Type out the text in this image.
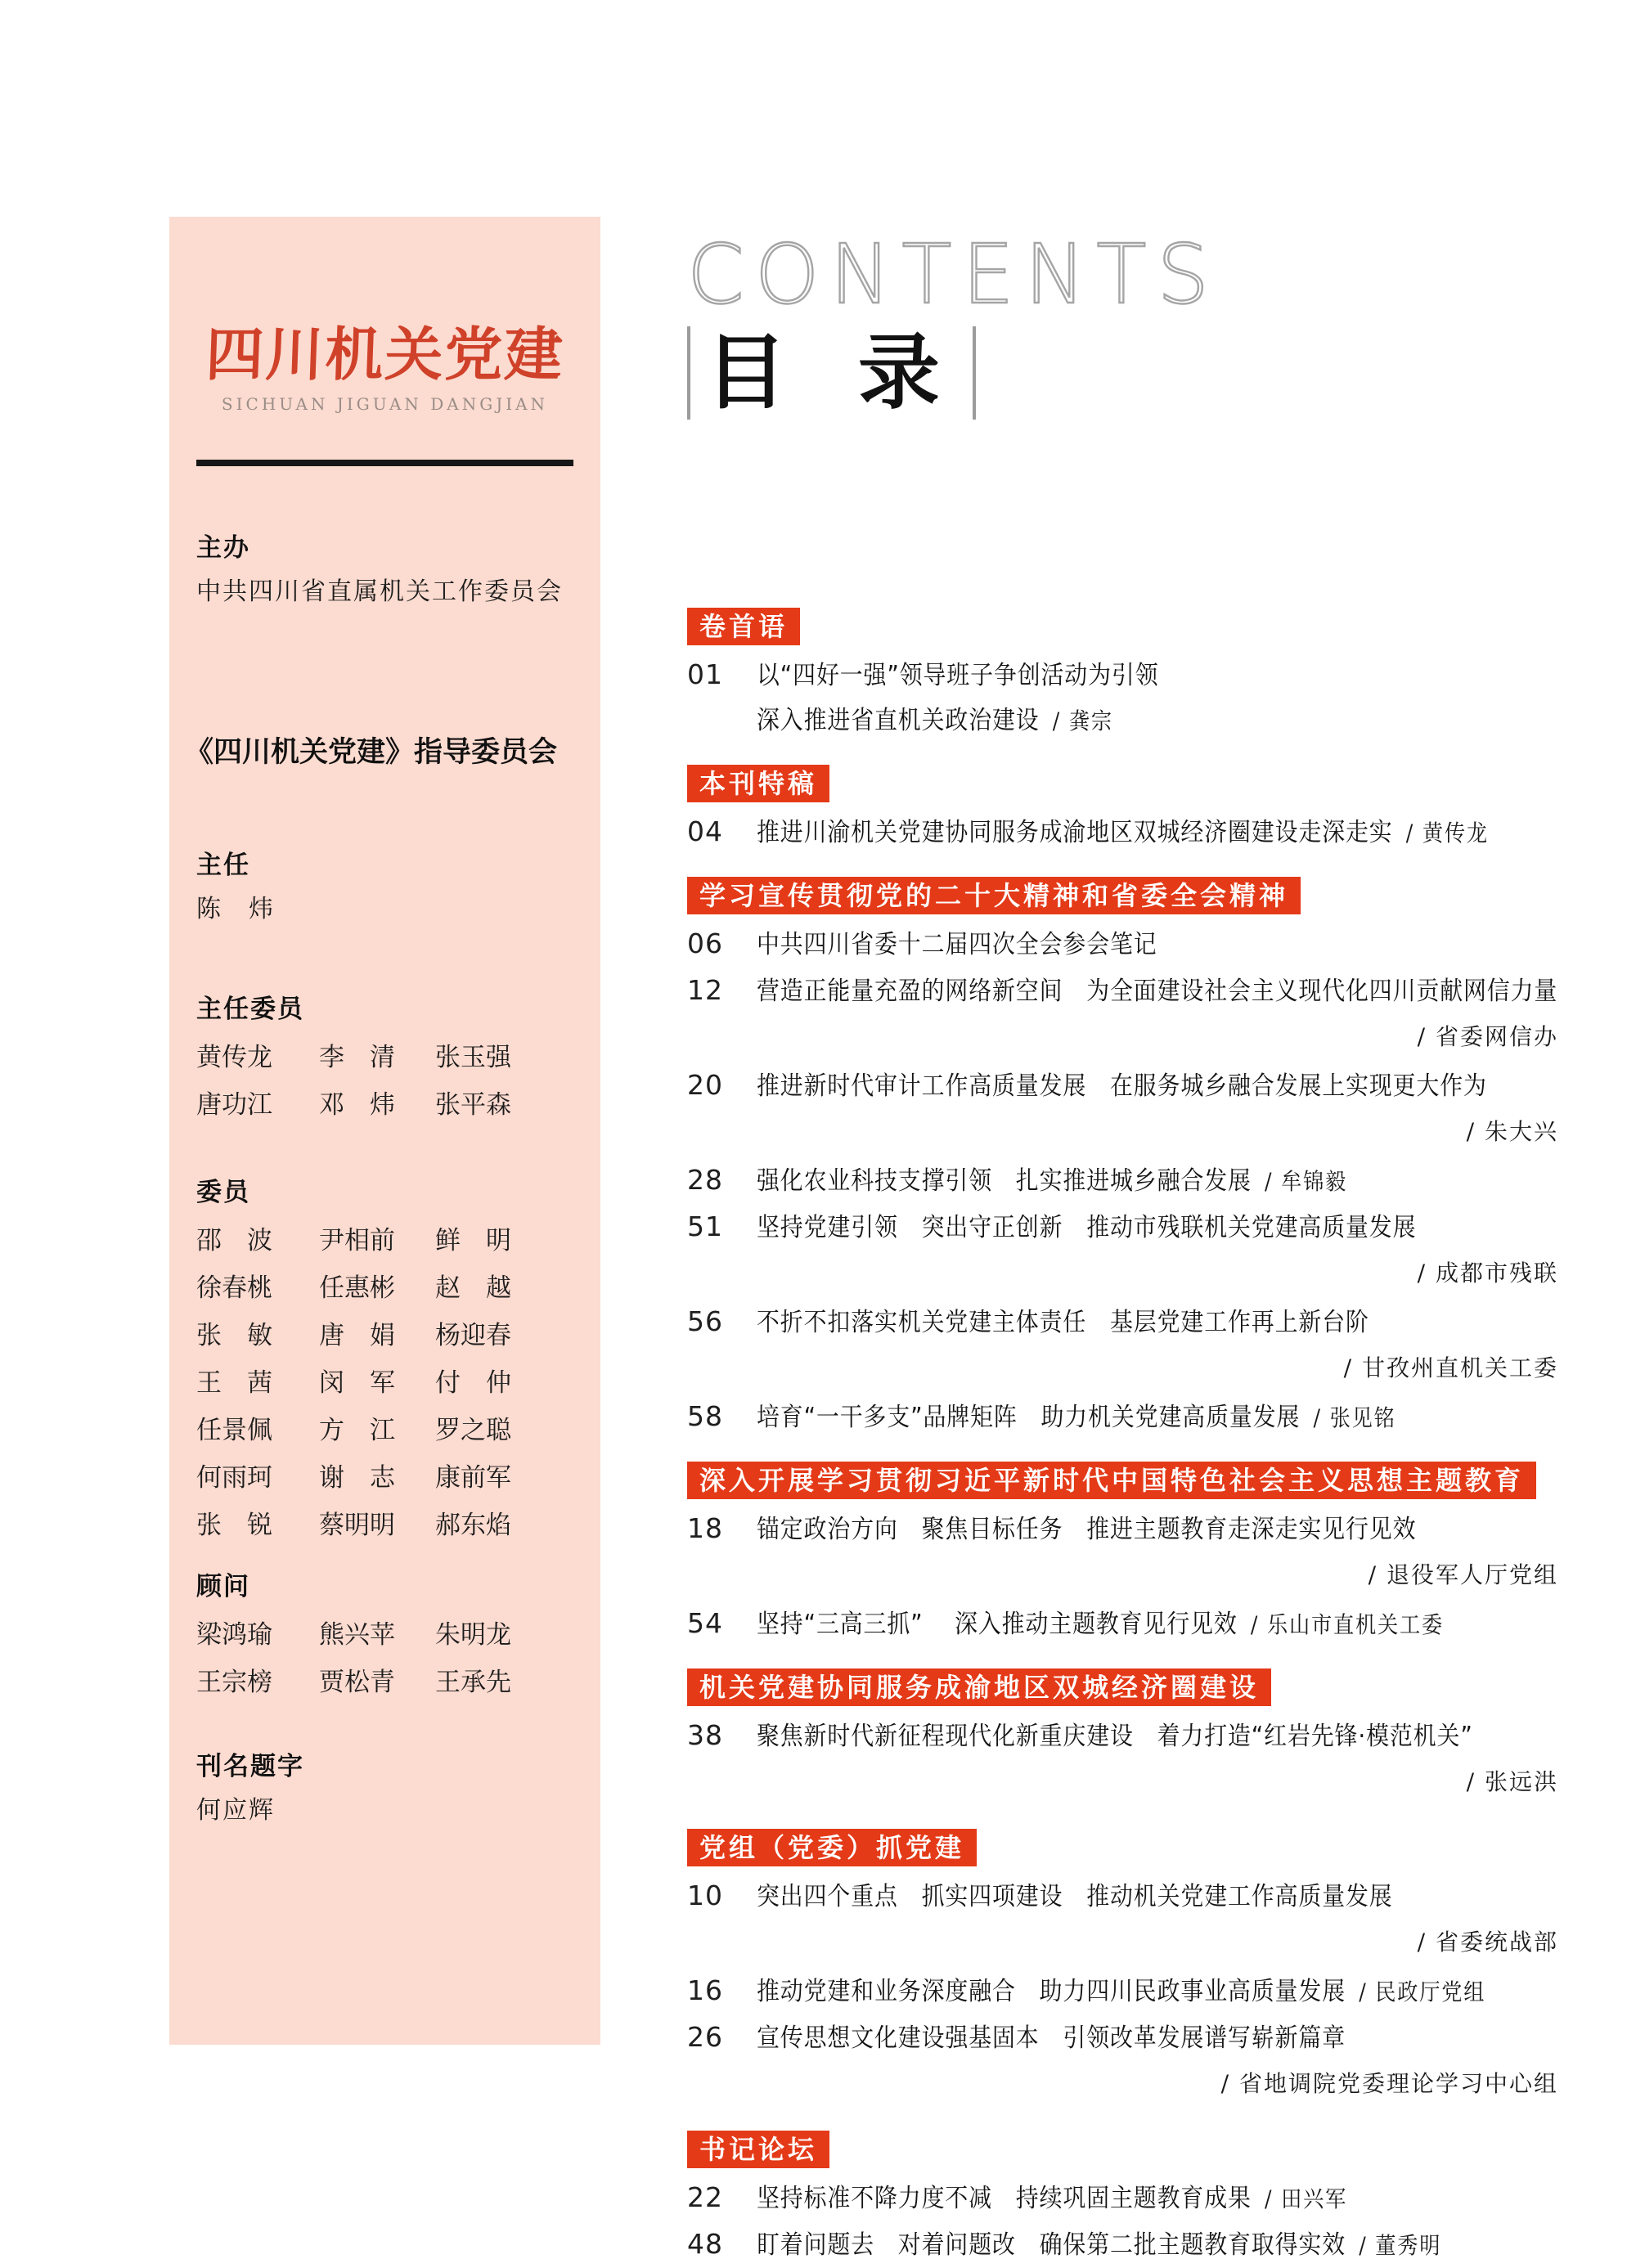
四川机关党建
SICHUAN JIGUAN DANGJIAN
主办
中共四川省直属机关工作委员会
《四川机关党建》指导委员会
主任
陈　炜
主任委员
黄传龙	李　清	张玉强
唐功江	邓　炜	张平森
委员
邵　波	尹相前	鲜　明
徐春桃	任惠彬	赵　越
张　敏	唐　娟	杨迎春
王　茜	闵　军	付　仲
任景佩	方　江	罗之聪
何雨珂	谢　志	康前军
张　锐	蔡明明	郝东焰
顾问
梁鸿瑜	熊兴苹	朱明龙
王宗榜	贾松青	王承先
刊名题字
何应辉
CONTENTS
目 录
卷首语
01	以“四好一强”领导班子争创活动为引领
深入推进省直机关政治建设 / 龚宗
本刊特稿
04	推进川渝机关党建协同服务成渝地区双城经济圈建设走深走实 / 黄传龙
学习宣传贯彻党的二十大精神和省委全会精神
06	中共四川省委十二届四次全会参会笔记
12	营造正能量充盈的网络新空间　为全面建设社会主义现代化四川贡献网信力量
/ 省委网信办
20	推进新时代审计工作高质量发展　在服务城乡融合发展上实现更大作为
/ 朱大兴
28	强化农业科技支撑引领　扎实推进城乡融合发展 / 牟锦毅
51	坚持党建引领　突出守正创新　推动市残联机关党建高质量发展
/ 成都市残联
56	不折不扣落实机关党建主体责任　基层党建工作再上新台阶
/ 甘孜州直机关工委
58	培育“一干多支”品牌矩阵　助力机关党建高质量发展 / 张见铭
深入开展学习贯彻习近平新时代中国特色社会主义思想主题教育
18	锚定政治方向　聚焦目标任务　推进主题教育走深走实见行见效
/ 退役军人厅党组
54	坚持“三高三抓”　 深入推动主题教育见行见效 / 乐山市直机关工委
机关党建协同服务成渝地区双城经济圈建设
38	聚焦新时代新征程现代化新重庆建设　着力打造“红岩先锋·模范机关”
/ 张远洪
党组（党委）抓党建
10	突出四个重点　抓实四项建设　推动机关党建工作高质量发展
/ 省委统战部
16	推动党建和业务深度融合　助力四川民政事业高质量发展 / 民政厅党组
26	宣传思想文化建设强基固本　引领改革发展谱写崭新篇章
/ 省地调院党委理论学习中心组
书记论坛
22	坚持标准不降力度不减　持续巩固主题教育成果 / 田兴军
48	盯着问题去　对着问题改　确保第二批主题教育取得实效 / 董秀明
